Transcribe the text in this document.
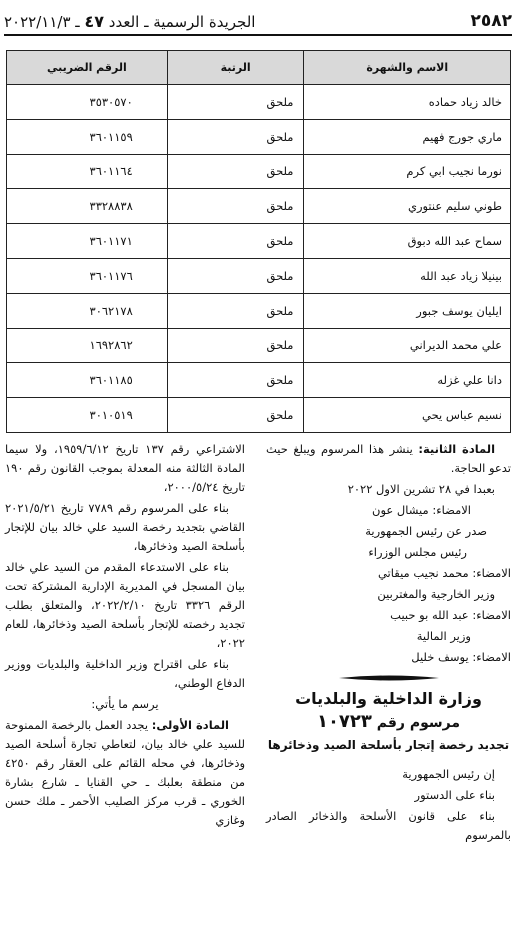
٢٥٨٢
الجريدة الرسمية ـ العدد ٤٧ ـ ٢٠٢٢/١١/٣
الاسم والشهرة	الرتبة	الرقم الضريبي
خالد زياد حماده	ملحق	٣٥٣٠٥٧٠
ماري جورج فهيم	ملحق	٣٦٠١١٥٩
نورما نجيب ابي كرم	ملحق	٣٦٠١١٦٤
طوني سليم عنتوري	ملحق	٣٣٢٨٨٣٨
سماح عبد الله دبوق	ملحق	٣٦٠١١٧١
بينيلا زياد عبد الله	ملحق	٣٦٠١١٧٦
ايليان يوسف جبور	ملحق	٣٠٦٢١٧٨
علي محمد الديراني	ملحق	١٦٩٢٨٦٢
دانا علي غزله	ملحق	٣٦٠١١٨٥
نسيم عباس يحي	ملحق	٣٠١٠٥١٩

المادة الثانية: ينشر هذا المرسوم ويبلغ حيث تدعو الحاجة.

بعبدا في ٢٨ تشرين الاول ٢٠٢٢

الامضاء: ميشال عون

صدر عن رئيس الجمهورية

رئيس مجلس الوزراء

الامضاء: محمد نجيب ميقاتي

وزير الخارجية والمغتربين

الامضاء: عبد الله بو حبيب

وزير المالية

الامضاء: يوسف خليل

وزارة الداخلية والبلديات
مرسوم رقم ١٠٧٢٣
تجديد رخصة إتجار بأسلحة الصيد وذخائرها

إن رئيس الجمهورية

بناء على الدستور

بناء على قانون الأسلحة والذخائر الصادر بالمرسوم

الاشتراعي رقم ١٣٧ تاريخ ١٩٥٩/٦/١٢، ولا سيما المادة الثالثة منه المعدلة بموجب القانون رقم ١٩٠ تاريخ ٢٠٠٠/٥/٢٤،

بناء على المرسوم رقم ٧٧٨٩ تاريخ ٢٠٢١/٥/٢١ القاضي بتجديد رخصة السيد علي خالد بيان للإتجار بأسلحة الصيد وذخائرها،

بناء على الاستدعاء المقدم من السيد علي خالد بيان المسجل في المديرية الإدارية المشتركة تحت الرقم ٣٣٢٦ تاريخ ٢٠٢٢/٢/١٠، والمتعلق بطلب تجديد رخصته للإتجار بأسلحة الصيد وذخائرها، للعام ٢٠٢٢،

بناء على اقتراح وزير الداخلية والبلديات ووزير الدفاع الوطني،

يرسم ما يأتي:

المادة الأولى: يجدد العمل بالرخصة الممنوحة للسيد علي خالد بيان، لتعاطي تجارة أسلحة الصيد وذخائرها، في محله القائم على العقار رقم ٤٢٥٠ من منطقة بعلبك ـ حي القنايا ـ شارع بشارة الخوري ـ قرب مركز الصليب الأحمر ـ ملك حسن وغازي
